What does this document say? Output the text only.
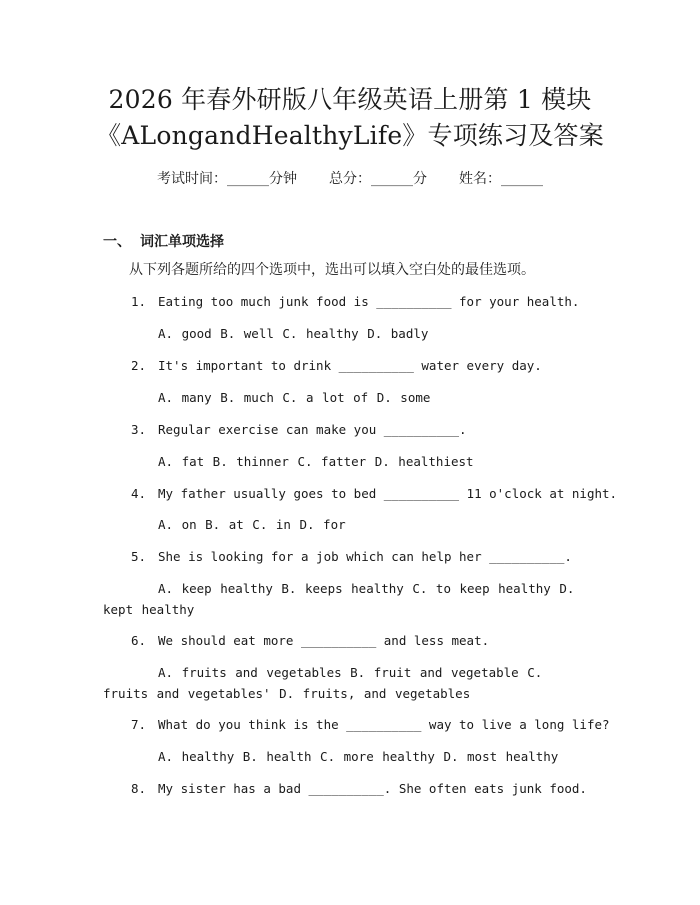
2026 年春外研版八年级英语上册第 1 模块
《ALongandHealthyLife》专项练习及答案
考试时间：______分钟 总分：______分 姓名：______
一、 词汇单项选择
从下列各题所给的四个选项中，选出可以填入空白处的最佳选项。
1. Eating too much junk food is __________ for your health.
A. good B. well C. healthy D. badly
2. It's important to drink __________ water every day.
A. many B. much C. a lot of D. some
3. Regular exercise can make you __________.
A. fat B. thinner C. fatter D. healthiest
4. My father usually goes to bed __________ 11 o'clock at night.
A. on B. at C. in D. for
5. She is looking for a job which can help her __________.
A. keep healthy B. keeps healthy C. to keep healthy D. kept healthy
6. We should eat more __________ and less meat.
A. fruits and vegetables B. fruit and vegetable C. fruits and vegetables' D. fruits, and vegetables
7. What do you think is the __________ way to live a long life?
A. healthy B. health C. more healthy D. most healthy
8. My sister has a bad __________. She often eats junk food.
